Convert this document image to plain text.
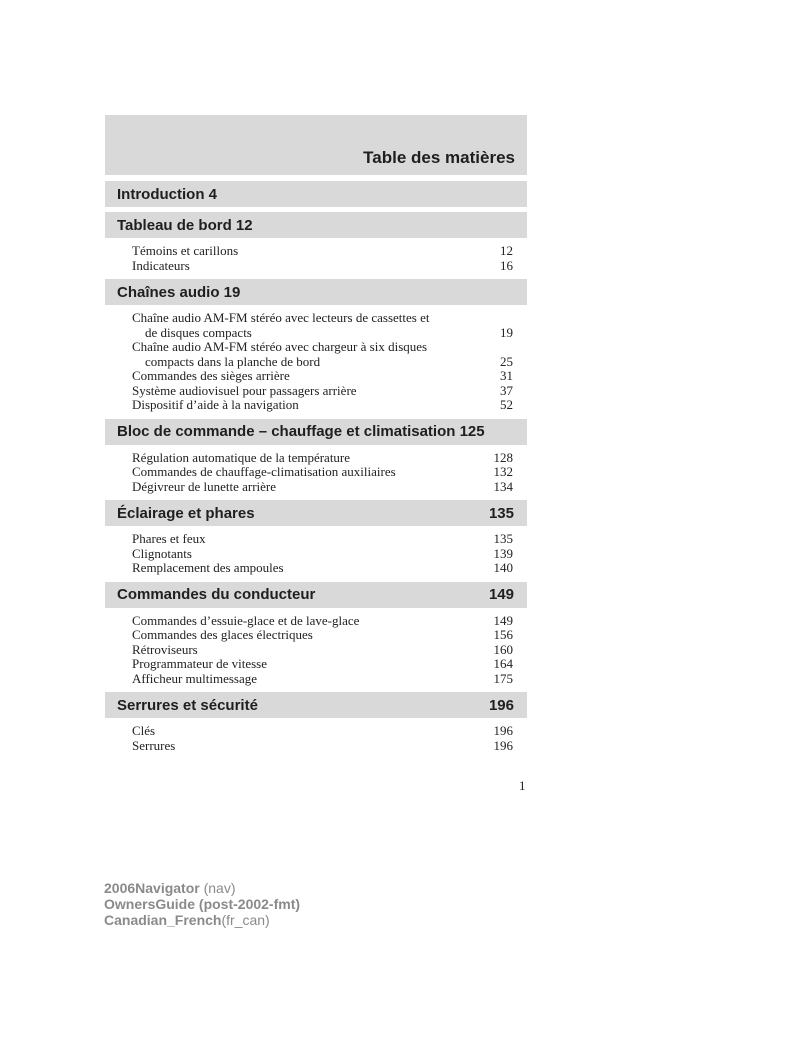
Table des matières
Introduction 4
Tableau de bord 12
Témoins et carillons	12
Indicateurs	16
Chaînes audio 19
Chaîne audio AM-FM stéréo avec lecteurs de cassettes et
de disques compacts	19
Chaîne audio AM-FM stéréo avec chargeur à six disques
compacts dans la planche de bord	25
Commandes des sièges arrière	31
Système audiovisuel pour passagers arrière	37
Dispositif d’aide à la navigation	52
Bloc de commande – chauffage et climatisation 125
Régulation automatique de la température	128
Commandes de chauffage-climatisation auxiliaires	132
Dégivreur de lunette arrière	134
Éclairage et phares	135
Phares et feux	135
Clignotants	139
Remplacement des ampoules	140
Commandes du conducteur	149
Commandes d’essuie-glace et de lave-glace	149
Commandes des glaces électriques	156
Rétroviseurs	160
Programmateur de vitesse	164
Afficheur multimessage	175
Serrures et sécurité	196
Clés	196
Serrures	196
1
2006Navigator (nav)
OwnersGuide (post-2002-fmt)
Canadian_French(fr_can)
